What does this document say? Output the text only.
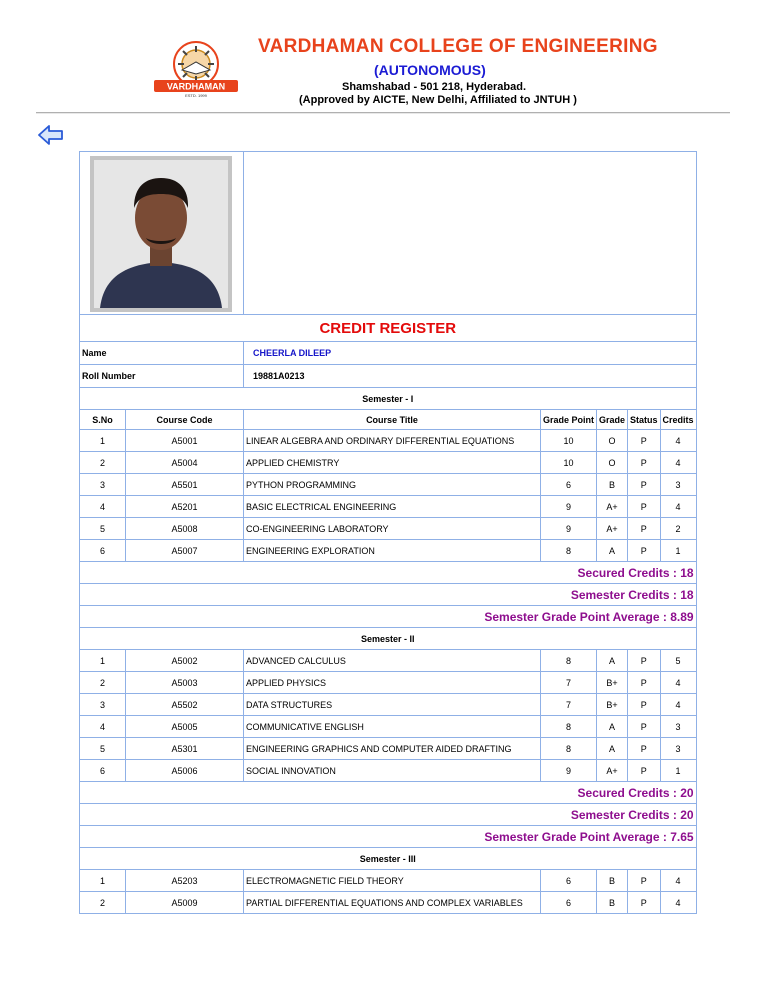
VARDHAMAN
ESTD. 1999
VARDHAMAN COLLEGE OF ENGINEERING
(AUTONOMOUS)
Shamshabad - 501 218, Hyderabad.
(Approved by AICTE, New Delhi, Affiliated to JNTUH )

CREDIT REGISTER						
Name		CHEERLA DILEEP				
Roll Number		19881A0213				
Semester - I						
S.No	Course Code	Course Title	Grade Point	Grade	Status	Credits
1	A5001	LINEAR ALGEBRA AND ORDINARY DIFFERENTIAL EQUATIONS	10	O	P	4
2	A5004	APPLIED CHEMISTRY	10	O	P	4
3	A5501	PYTHON PROGRAMMING	6	B	P	3
4	A5201	BASIC ELECTRICAL ENGINEERING	9	A+	P	4
5	A5008	CO-ENGINEERING LABORATORY	9	A+	P	2
6	A5007	ENGINEERING EXPLORATION	8	A	P	1
Secured Credits : 18						
Semester Credits : 18						
Semester Grade Point Average : 8.89						
Semester - II						
1	A5002	ADVANCED CALCULUS	8	A	P	5
2	A5003	APPLIED PHYSICS	7	B+	P	4
3	A5502	DATA STRUCTURES	7	B+	P	4
4	A5005	COMMUNICATIVE ENGLISH	8	A	P	3
5	A5301	ENGINEERING GRAPHICS AND COMPUTER AIDED DRAFTING	8	A	P	3
6	A5006	SOCIAL INNOVATION	9	A+	P	1
Secured Credits : 20						
Semester Credits : 20						
Semester Grade Point Average : 7.65						
Semester - III						
1	A5203	ELECTROMAGNETIC FIELD THEORY	6	B	P	4
2	A5009	PARTIAL DIFFERENTIAL EQUATIONS AND COMPLEX VARIABLES	6	B	P	4
